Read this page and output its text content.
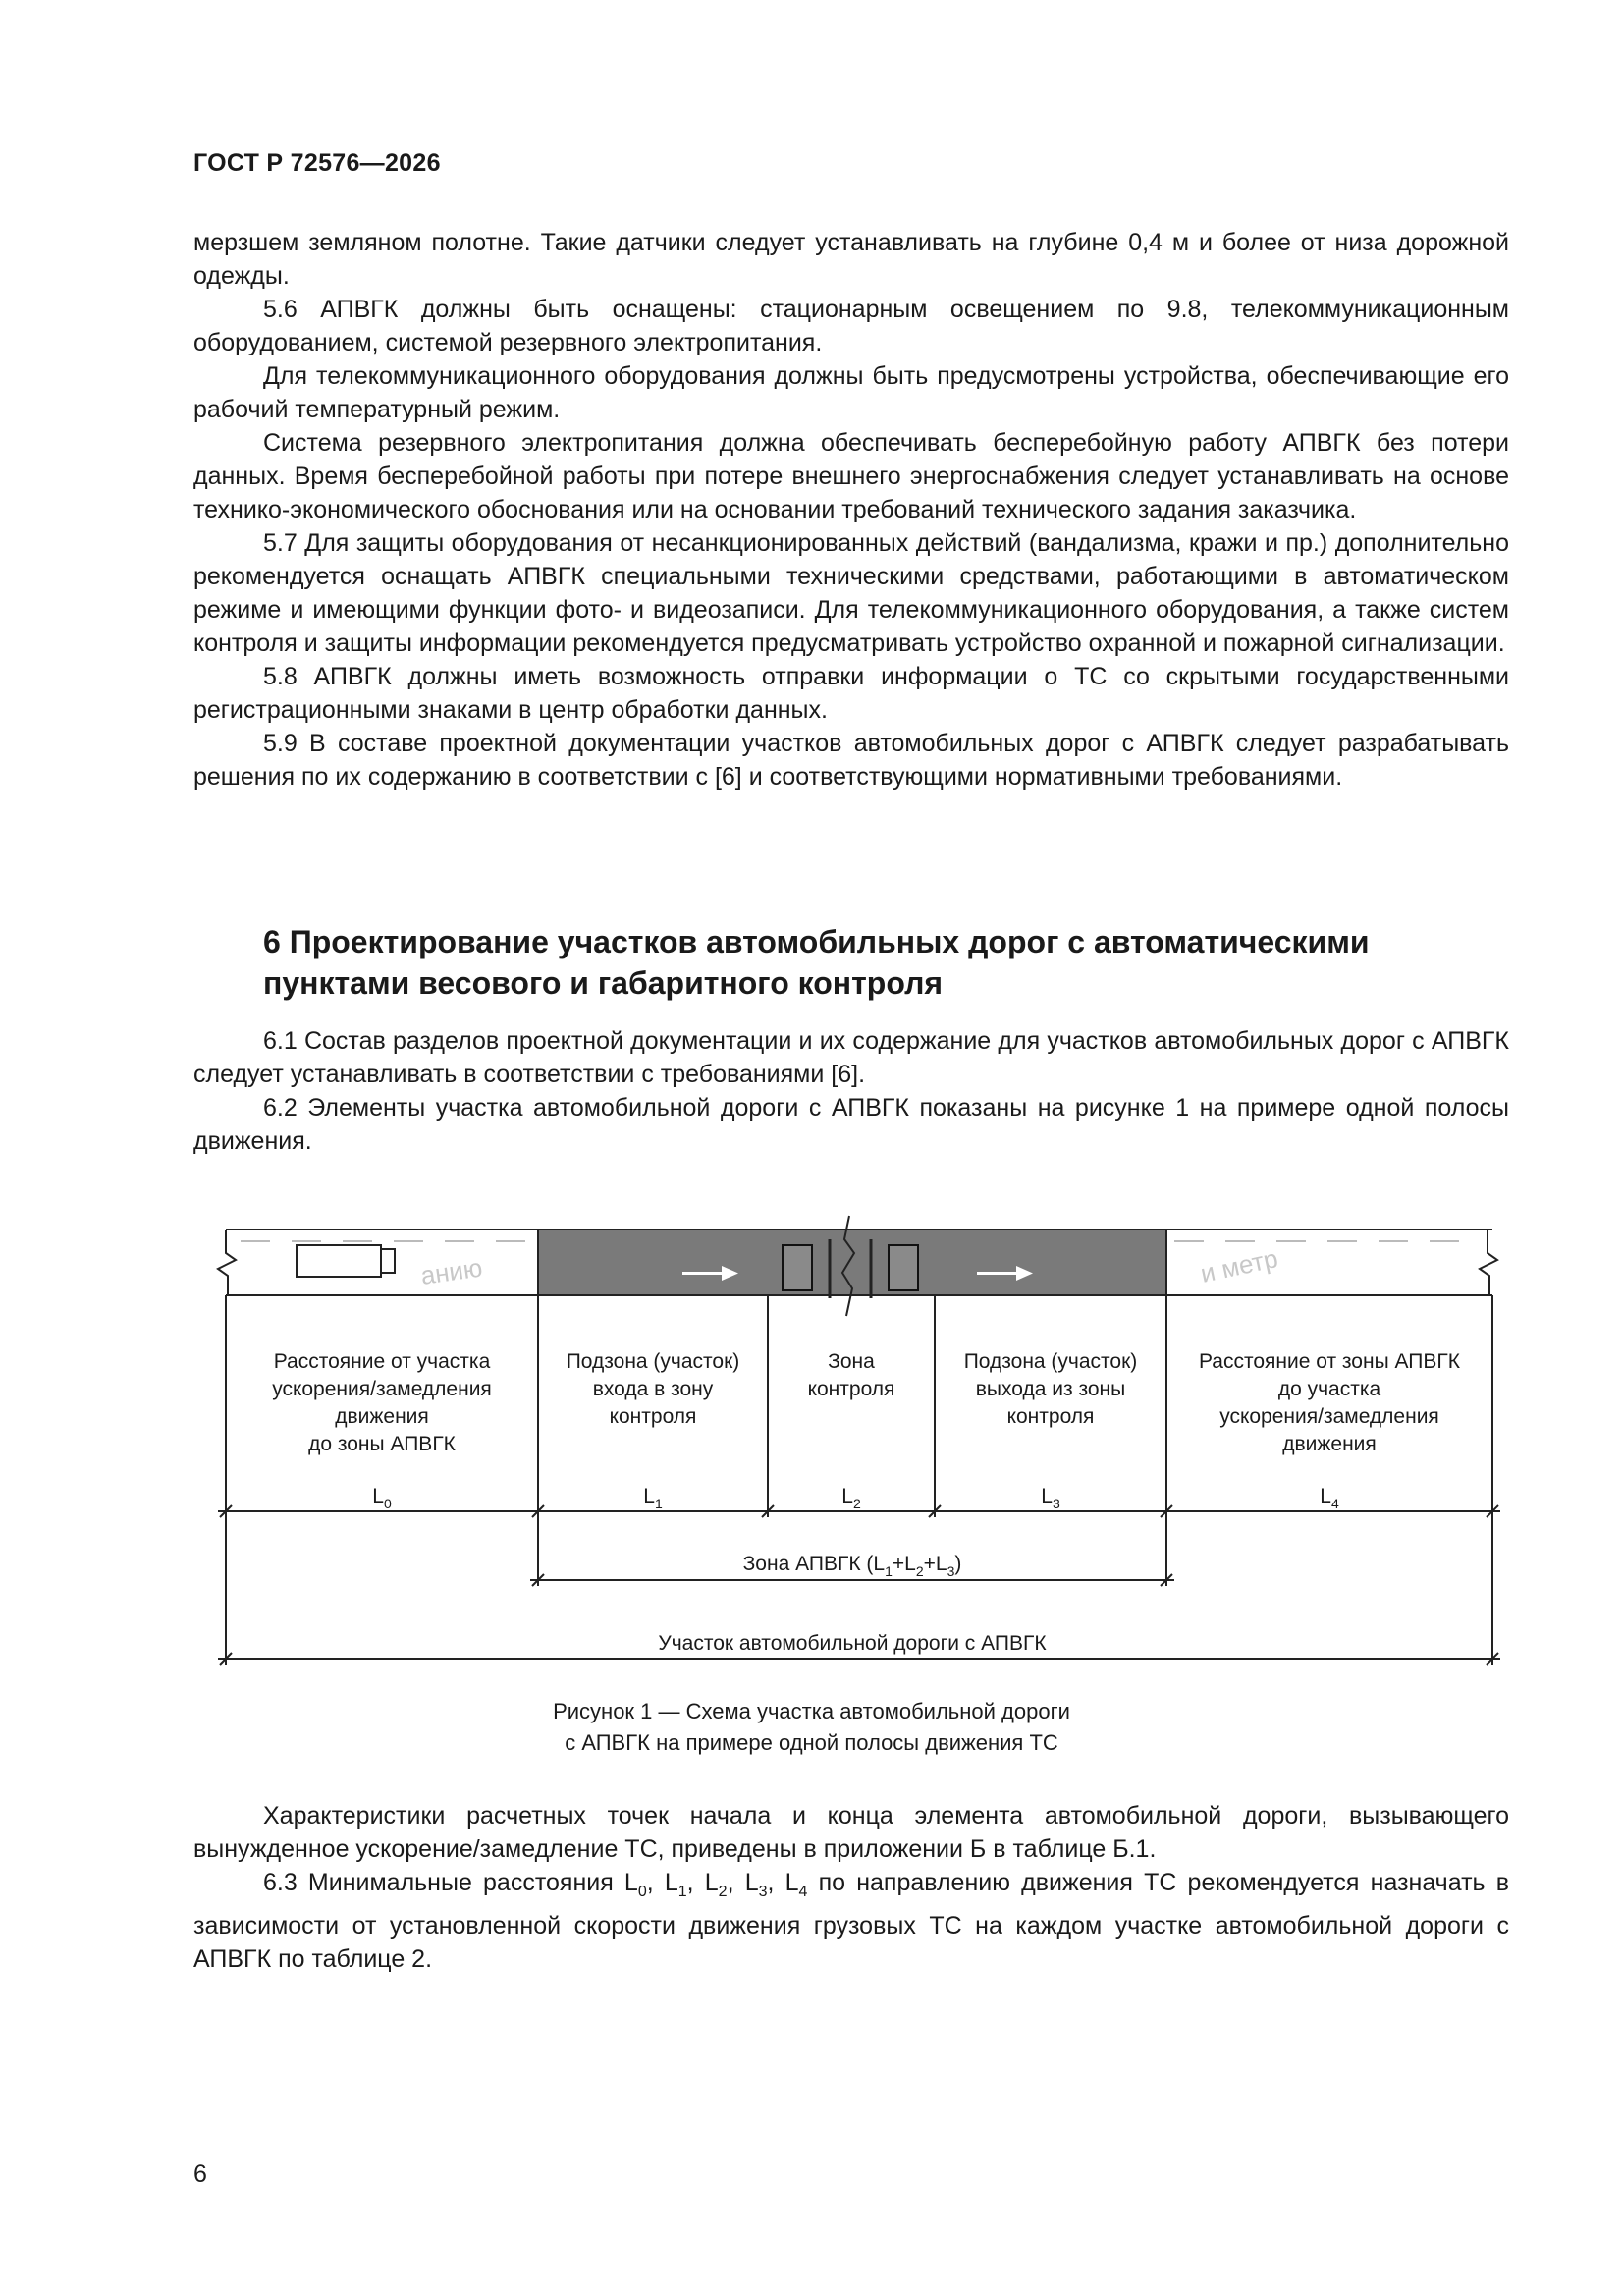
ГОСТ Р 72576—2026

мерзшем земляном полотне. Такие датчики следует устанавливать на глубине 0,4 м и более от низа дорожной одежды.

5.6 АПВГК должны быть оснащены: стационарным освещением по 9.8, телекоммуникационным оборудованием, системой резервного электропитания.

Для телекоммуникационного оборудования должны быть предусмотрены устройства, обеспечивающие его рабочий температурный режим.

Система резервного электропитания должна обеспечивать бесперебойную работу АПВГК без потери данных. Время бесперебойной работы при потере внешнего энергоснабжения следует устанавливать на основе технико-экономического обоснования или на основании требований технического задания заказчика.

5.7 Для защиты оборудования от несанкционированных действий (вандализма, кражи и пр.) дополнительно рекомендуется оснащать АПВГК специальными техническими средствами, работающими в автоматическом режиме и имеющими функции фото- и видеозаписи. Для телекоммуникационного оборудования, а также систем контроля и защиты информации рекомендуется предусматривать устройство охранной и пожарной сигнализации.

5.8 АПВГК должны иметь возможность отправки информации о ТС со скрытыми государственными регистрационными знаками в центр обработки данных.

5.9 В составе проектной документации участков автомобильных дорог с АПВГК следует разрабатывать решения по их содержанию в соответствии с [6] и соответствующими нормативными требованиями.

6 Проектирование участков автомобильных дорог с автоматическими
пунктами весового и габаритного контроля

6.1 Состав разделов проектной документации и их содержание для участков автомобильных дорог с АПВГК следует устанавливать в соответствии с требованиями [6].

6.2 Элементы участка автомобильной дороги с АПВГК показаны на рисунке 1 на примере одной полосы движения.

анию	и метр
Расстояние от участка
ускорения/замедления
движения
до зоны АПВГК
Подзона (участок)
входа в зону
контроля
Зона
контроля
Подзона (участок)
выхода из зоны
контроля
Расстояние от зоны АПВГК
до участка
ускорения/замедления
движения
$L_0$	$L_1$	$L_2$	$L_3$	$L_4$
Зона АПВГК $(L_1+L_2+L_3)$
Участок автомобильной дороги с АПВГК
Рисунок 1 — Схема участка автомобильной дороги
с АПВГК на примере одной полосы движения ТС

Характеристики расчетных точек начала и конца элемента автомобильной дороги, вызывающего вынужденное ускорение/замедление ТС, приведены в приложении Б в таблице Б.1.

6.3 Минимальные расстояния $L_0$, $L_1$, $L_2$, $L_3$, $L_4$ по направлению движения ТС рекомендуется назначать в зависимости от установленной скорости движения грузовых ТС на каждом участке автомобильной дороги с АПВГК по таблице 2.

6
